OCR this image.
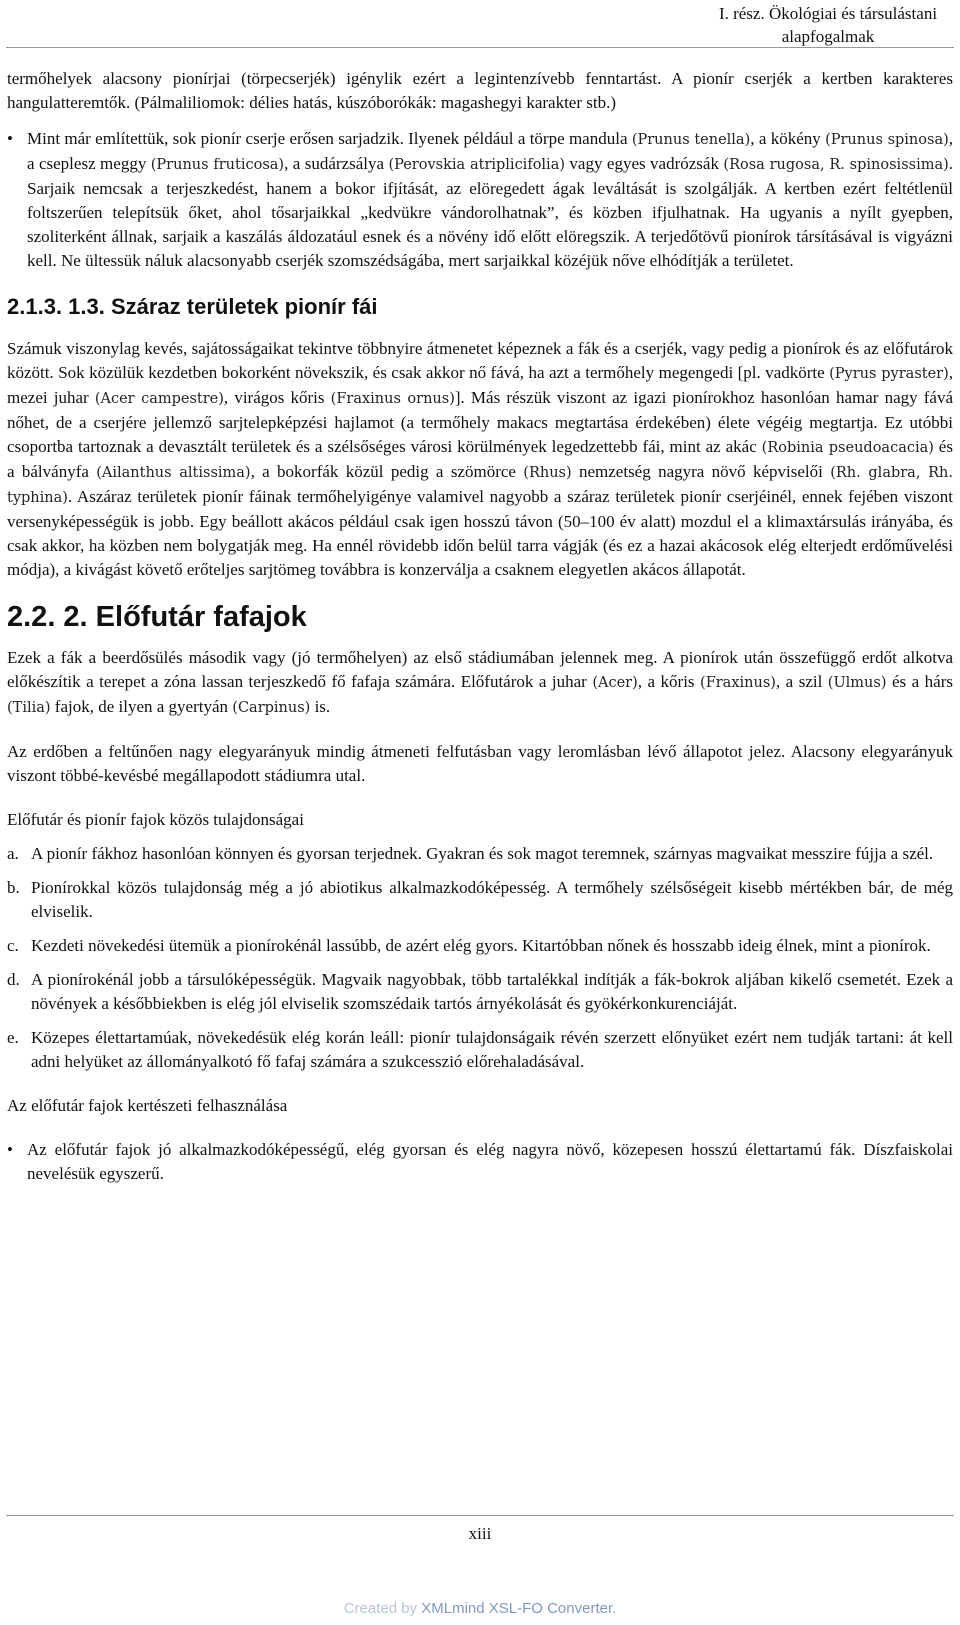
I. rész. Ökológiai és társulástani
alapfogalmak

termőhelyek alacsony pionírjai (törpecserjék) igénylik ezért a legintenzívebb fenntartást. A pionír cserjék a kertben karakteres hangulatteremtők. (Pálmaliliomok: délies hatás, kúszóborókák: magashegyi karakter stb.)

• Mint már említettük, sok pionír cserje erősen sarjadzik. Ilyenek például a törpe mandula (Prunus tenella), a kökény (Prunus spinosa), a cseplesz meggy (Prunus fruticosa), a sudárzsálya (Perovskia atriplicifolia) vagy egyes vadrózsák (Rosa rugosa, R. spinosissima). Sarjaik nemcsak a terjeszkedést, hanem a bokor ifjítását, az elöregedett ágak leváltását is szolgálják. A kertben ezért feltétlenül foltszerűen telepítsük őket, ahol tősarjaikkal „kedvükre vándorolhatnak”, és közben ifjulhatnak. Ha ugyanis a nyílt gyepben, szoliterként állnak, sarjaik a kaszálás áldozatául esnek és a növény idő előtt elöregszik. A terjedőtövű pionírok társításával is vigyázni kell. Ne ültessük náluk alacsonyabb cserjék szomszédságába, mert sarjaikkal közéjük nőve elhódítják a területet.

2.1.3. 1.3. Száraz területek pionír fái

Számuk viszonylag kevés, sajátosságaikat tekintve többnyire átmenetet képeznek a fák és a cserjék, vagy pedig a pionírok és az előfutárok között. Sok közülük kezdetben bokorként növekszik, és csak akkor nő fává, ha azt a termőhely megengedi [pl. vadkörte (Pyrus pyraster), mezei juhar (Acer campestre), virágos kőris (Fraxinus ornus)]. Más részük viszont az igazi pionírokhoz hasonlóan hamar nagy fává nőhet, de a cserjére jellemző sarjtelepképzési hajlamot (a termőhely makacs megtartása érdekében) élete végéig megtartja. Ez utóbbi csoportba tartoznak a devasztált területek és a szélsőséges városi körülmények legedzettebb fái, mint az akác (Robinia pseudoacacia) és a bálványfa (Ailanthus altissima), a bokorfák közül pedig a szömörce (Rhus) nemzetség nagyra növő képviselői (Rh. glabra, Rh. typhina). Aszáraz területek pionír fáinak termőhelyigénye valamivel nagyobb a száraz területek pionír cserjéinél, ennek fejében viszont versenyképességük is jobb. Egy beállott akácos például csak igen hosszú távon (50–100 év alatt) mozdul el a klimaxtársulás irányába, és csak akkor, ha közben nem bolygatják meg. Ha ennél rövidebb időn belül tarra vágják (és ez a hazai akácosok elég elterjedt erdőművelési módja), a kivágást követő erőteljes sarjtömeg továbbra is konzerválja a csaknem elegyetlen akácos állapotát.

2.2. 2. Előfutár fafajok

Ezek a fák a beerdősülés második vagy (jó termőhelyen) az első stádiumában jelennek meg. A pionírok után összefüggő erdőt alkotva előkészítik a terepet a zóna lassan terjeszkedő fő fafaja számára. Előfutárok a juhar (Acer), a kőris (Fraxinus), a szil (Ulmus) és a hárs (Tilia) fajok, de ilyen a gyertyán (Carpinus) is.

Az erdőben a feltűnően nagy elegyarányuk mindig átmeneti felfutásban vagy leromlásban lévő állapotot jelez. Alacsony elegyarányuk viszont többé-kevésbé megállapodott stádiumra utal.

Előfutár és pionír fajok közös tulajdonságai

a. A pionír fákhoz hasonlóan könnyen és gyorsan terjednek. Gyakran és sok magot teremnek, szárnyas magvaikat messzire fújja a szél.
b. Pionírokkal közös tulajdonság még a jó abiotikus alkalmazkodóképesség. A termőhely szélsőségeit kisebb mértékben bár, de még elviselik.
c. Kezdeti növekedési ütemük a pionírokénál lassúbb, de azért elég gyors. Kitartóbban nőnek és hosszabb ideig élnek, mint a pionírok.
d. A pionírokénál jobb a társulóképességük. Magvaik nagyobbak, több tartalékkal indítják a fák-bokrok aljában kikelő csemetét. Ezek a növények a későbbiekben is elég jól elviselik szomszédaik tartós árnyékolását és gyökérkonkurenciáját.
e. Közepes élettartamúak, növekedésük elég korán leáll: pionír tulajdonságaik révén szerzett előnyüket ezért nem tudják tartani: át kell adni helyüket az állományalkotó fő fafaj számára a szukcesszió előrehaladásával.

Az előfutár fajok kertészeti felhasználása

• Az előfutár fajok jó alkalmazkodóképességű, elég gyorsan és elég nagyra növő, közepesen hosszú élettartamú fák. Díszfaiskolai nevelésük egyszerű.

xiii
Created by XMLmind XSL-FO Converter.
